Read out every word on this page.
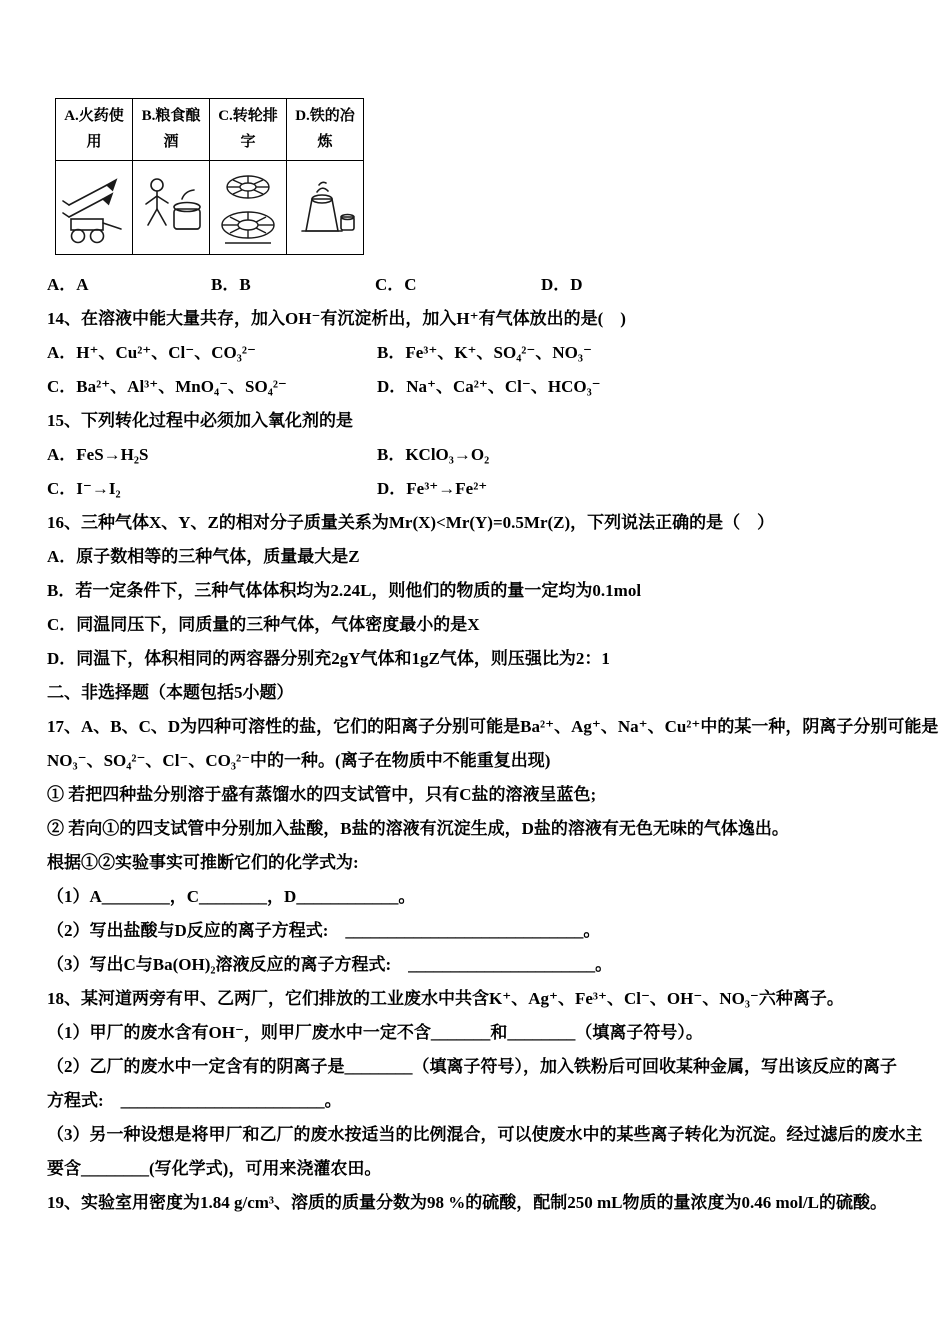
A.火药使用	B.粮食酿酒	C.转轮排字	D.铁的冶炼

A．A	B．B	C．C	D．D

14、在溶液中能大量共存，加入OH⁻有沉淀析出，加入H⁺有气体放出的是(　)

A．H⁺、Cu²⁺、Cl⁻、CO₃²⁻	B．Fe³⁺、K⁺、SO₄²⁻、NO₃⁻
C．Ba²⁺、Al³⁺、MnO₄⁻、SO₄²⁻	D．Na⁺、Ca²⁺、Cl⁻、HCO₃⁻

15、下列转化过程中必须加入氧化剂的是

A．FeS→H₂S	B．KClO₃→O₂
C．I⁻→I₂	D．Fe³⁺→Fe²⁺

16、三种气体X、Y、Z的相对分子质量关系为Mr(X)<Mr(Y)=0.5Mr(Z)，下列说法正确的是（　）

A．原子数相等的三种气体，质量最大是Z

B．若一定条件下，三种气体体积均为2.24L，则他们的物质的量一定均为0.1mol

C．同温同压下，同质量的三种气体，气体密度最小的是X

D．同温下，体积相同的两容器分别充2gY气体和1gZ气体，则压强比为2：1

二、非选择题（本题包括5小题）

17、A、B、C、D为四种可溶性的盐，它们的阳离子分别可能是Ba²⁺、Ag⁺、Na⁺、Cu²⁺中的某一种，阴离子分别可能是

NO₃⁻、SO₄²⁻、Cl⁻、CO₃²⁻中的一种。(离子在物质中不能重复出现)

① 若把四种盐分别溶于盛有蒸馏水的四支试管中，只有C盐的溶液呈蓝色;

② 若向①的四支试管中分别加入盐酸，B盐的溶液有沉淀生成，D盐的溶液有无色无味的气体逸出。

根据①②实验事实可推断它们的化学式为:

（1）A________，C________，D____________。

（2）写出盐酸与D反应的离子方程式:　____________________________。

（3）写出C与Ba(OH)₂溶液反应的离子方程式:　______________________。

18、某河道两旁有甲、乙两厂，它们排放的工业废水中共含K⁺、Ag⁺、Fe³⁺、Cl⁻、OH⁻、NO₃⁻六种离子。

（1）甲厂的废水含有OH⁻，则甲厂废水中一定不含_______和________（填离子符号）。

（2）乙厂的废水中一定含有的阴离子是________（填离子符号），加入铁粉后可回收某种金属，写出该反应的离子

方程式:　________________________。

（3）另一种设想是将甲厂和乙厂的废水按适当的比例混合，可以使废水中的某些离子转化为沉淀。经过滤后的废水主

要含________(写化学式)，可用来浇灌农田。

19、实验室用密度为1.84 g/cm³、溶质的质量分数为98 %的硫酸，配制250 mL物质的量浓度为0.46 mol/L的硫酸。
